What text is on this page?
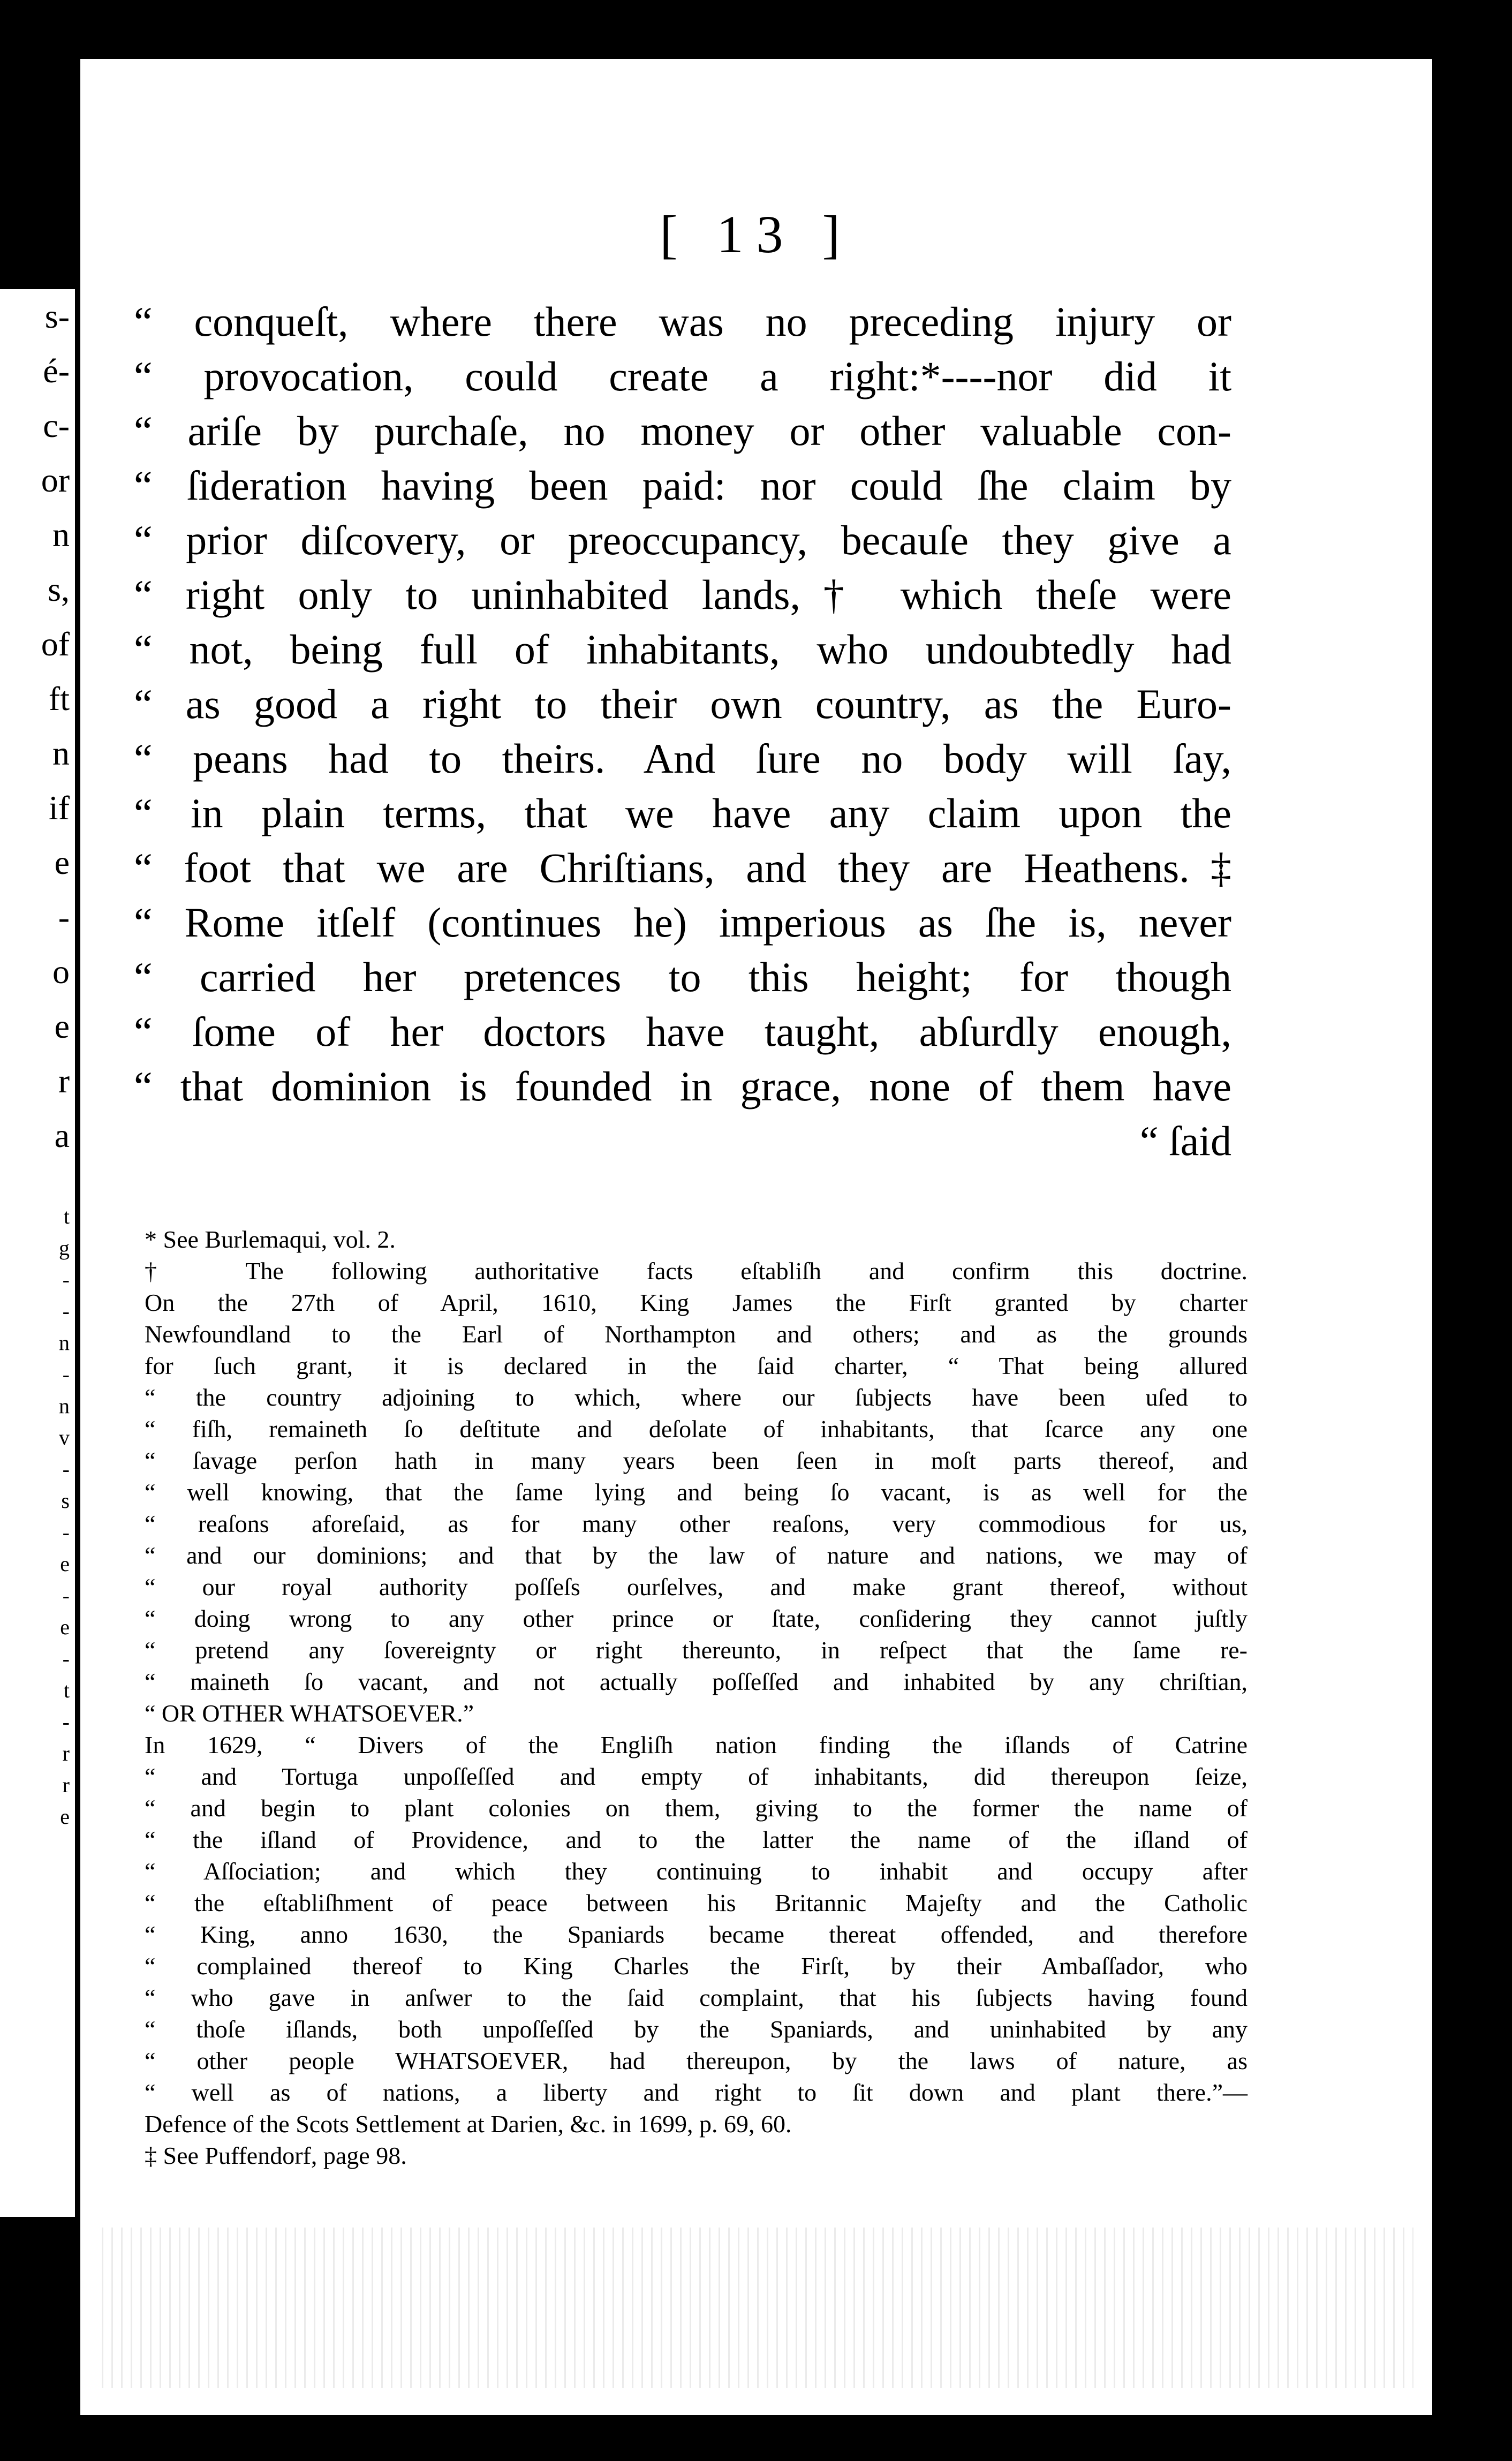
s-
é-
c-
or
n
s,
of
ft
n
if
e
-
o
e
r
a
t
g
-
-
n
-
n
v
-
s
-
e
-
e
-
t
-
r
r
e
[ 13 ]
“ conqueſt, where there was no preceding injury or
“ provocation, could create a right:*----nor did it
“ ariſe by purchaſe, no money or other valuable con-
“ ſideration having been paid: nor could ſhe claim by
“ prior diſcovery, or preoccupancy, becauſe they give a
“ right only to uninhabited lands,† which theſe were
“ not, being full of inhabitants, who undoubtedly had
“ as good a right to their own country, as the Euro-
“ peans had to theirs. And ſure no body will ſay,
“ in plain terms, that we have any claim upon the
“ foot that we are Chriſtians, and they are Heathens.‡
“ Rome itſelf (continues he) imperious as ſhe is, never
“ carried her pretences to this height; for though
“ ſome of her doctors have taught, abſurdly enough,
“ that dominion is founded in grace, none of them have
“ ſaid
* See Burlemaqui, vol. 2.
† The following authoritative facts eſtabliſh and confirm this doctrine.
On the 27th of April, 1610, King James the Firſt granted by charter
Newfoundland to the Earl of Northampton and others; and as the grounds
for ſuch grant, it is declared in the ſaid charter, “ That being allured
“ the country adjoining to which, where our ſubjects have been uſed to
“ fiſh, remaineth ſo deſtitute and deſolate of inhabitants, that ſcarce any one
“ ſavage perſon hath in many years been ſeen in moſt parts thereof, and
“ well knowing, that the ſame lying and being ſo vacant, is as well for the
“ reaſons aforeſaid, as for many other reaſons, very commodious for us,
“ and our dominions; and that by the law of nature and nations, we may of
“ our royal authority poſſeſs ourſelves, and make grant thereof, without
“ doing wrong to any other prince or ſtate, conſidering they cannot juſtly
“ pretend any ſovereignty or right thereunto, in reſpect that the ſame re-
“ maineth ſo vacant, and not actually poſſeſſed and inhabited by any chriſtian,
“ OR OTHER WHATSOEVER.”
In 1629, “ Divers of the Engliſh nation finding the iſlands of Catrine
“ and Tortuga unpoſſeſſed and empty of inhabitants, did thereupon ſeize,
“ and begin to plant colonies on them, giving to the former the name of
“ the iſland of Providence, and to the latter the name of the iſland of
“ Aſſociation; and which they continuing to inhabit and occupy after
“ the eſtabliſhment of peace between his Britannic Majeſty and the Catholic
“ King, anno 1630, the Spaniards became thereat offended, and therefore
“ complained thereof to King Charles the Firſt, by their Ambaſſador, who
“ who gave in anſwer to the ſaid complaint, that his ſubjects having found
“ thoſe iſlands, both unpoſſeſſed by the Spaniards, and uninhabited by any
“ other people WHATSOEVER, had thereupon, by the laws of nature, as
“ well as of nations, a liberty and right to ſit down and plant there.”—
Defence of the Scots Settlement at Darien, &c. in 1699, p. 69, 60.
‡ See Puffendorf, page 98.
